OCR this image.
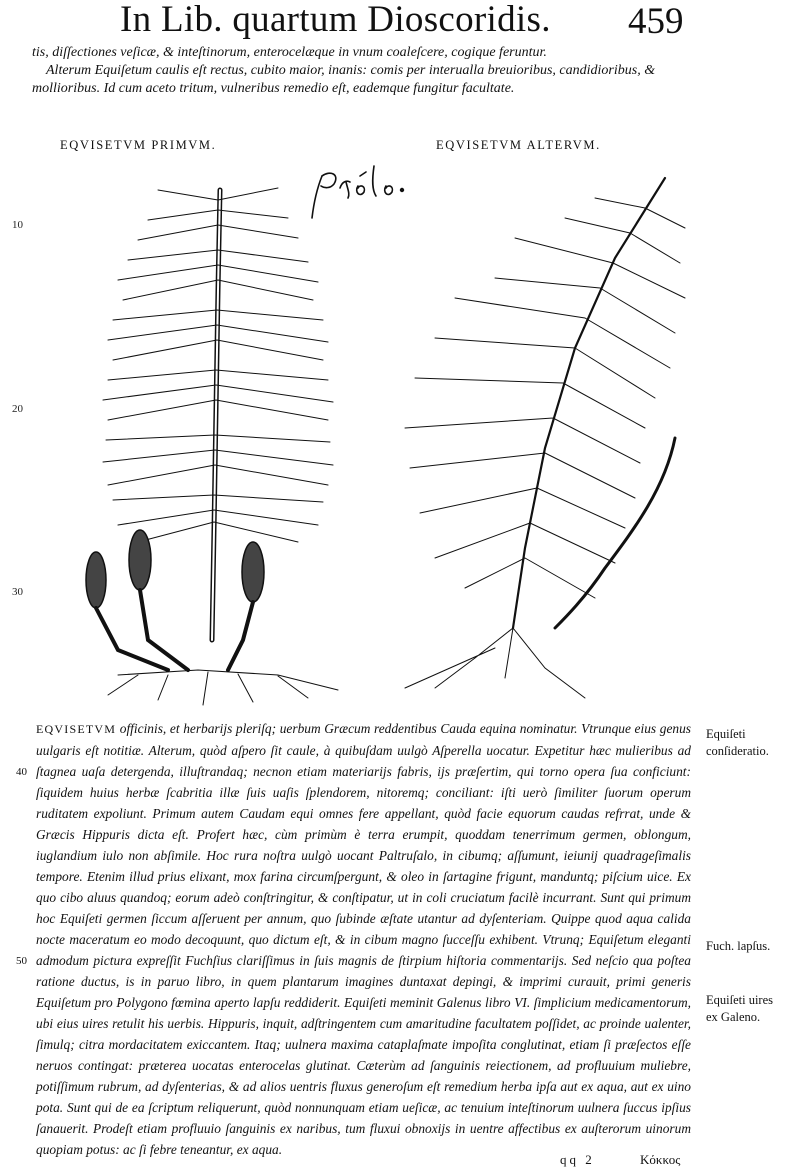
In Lib. quartum Dioscoridis. 459

tis, diſſectiones veſicæ, & inteſtinorum, enterocelæque in vnum coaleſcere, cogique feruntur.

Alterum Equiſetum caulis eſt rectus, cubito maior, inanis: comis per interualla breuioribus, candidioribus, & mollioribus. Id cum aceto tritum, vulneribus remedio eſt, eademque fungitur facultate.

EQVISETVM PRIMVM.	EQVISETVM ALTERVM.
10
20
30

EQVISETVM officinis, et herbarijs pleriſq; uerbum Græcum reddentibus Cauda equina nominatur. Vtrunque eius genus uulgaris eſt notitiæ. Alterum, quòd aſpero ſit caule, à quibuſdam uulgò Aſperella uocatur. Expetitur hæc mulieribus ad ſtagnea uaſa detergenda, illuſtrandaq; necnon etiam materiarijs fabris, ijs præſertim, qui torno opera ſua conficiunt: ſiquidem huius herbæ ſcabritia illæ ſuis uaſis ſplendorem, nitoremq; conciliant: iſti uerò ſimiliter ſuorum operum ruditatem expoliunt. Primum autem Caudam equi omnes fere appellant, quòd facie equorum caudas refrrat, unde & Græcis Hippuris dicta eſt. Profert hæc, cùm primùm è terra erumpit, quoddam tenerrimum germen, oblongum, iuglandium iulo non abſimile. Hoc rura noſtra uulgò uocant Paltruſalo, in cibumq; aſſumunt, ieiunij quadrageſimalis tempore. Etenim illud prius elixant, mox farina circumſpergunt, & oleo in ſartagine frigunt, manduntq; piſcium uice. Ex quo cibo aluus quandoq; eorum adeò conſtringitur, & conſtipatur, ut in coli cruciatum facilè incurrant. Sunt qui primum hoc Equiſeti germen ſiccum aſſeruent per annum, quo ſubinde æſtate utantur ad dyſenteriam. Quippe quod aqua calida nocte maceratum eo modo decoquunt, quo dictum eſt, & in cibum magno ſucceſſu exhibent. Vtrunq; Equiſetum eleganti admodum pictura expreſſit Fuchſius clariſſimus in ſuis magnis de ſtirpium hiſtoria commentarijs. Sed neſcio qua poſtea ratione ductus, is in paruo libro, in quem plantarum imagines duntaxat depingi, & imprimi curauit, primi generis Equiſetum pro Polygono fœmina aperto lapſu reddiderit. Equiſeti meminit Galenus libro VI. ſimplicium medicamentorum, ubi eius uires retulit his uerbis. Hippuris, inquit, adſtringentem cum amaritudine facultatem poſſidet, ac proinde ualenter, ſimulq; citra mordacitatem exiccantem. Itaq; uulnera maxima cataplaſmate impoſita conglutinat, etiam ſi præſectos eſſe neruos contingat: præterea uocatas enterocelas glutinat. Cæterùm ad ſanguinis reiectionem, ad profluuium muliebre, potiſſimum rubrum, ad dyſenterias, & ad alios uentris fluxus generoſum eſt remedium herba ipſa aut ex aqua, aut ex uino pota. Sunt qui de ea ſcriptum reliquerunt, quòd nonnunquam etiam ueſicæ, ac tenuium inteſtinorum uulnera ſuccus ipſius ſanauerit. Prodeſt etiam profluuio ſanguinis ex naribus, tum fluxui obnoxijs in uentre affectibus ex auſterorum uinorum quopiam potus: ac ſi febre teneantur, ex aqua.

40
50
Equiſeti conſideratio.
Fuch. lapſus.
Equiſeti uires ex Galeno.
qq 2	Κόκκος
